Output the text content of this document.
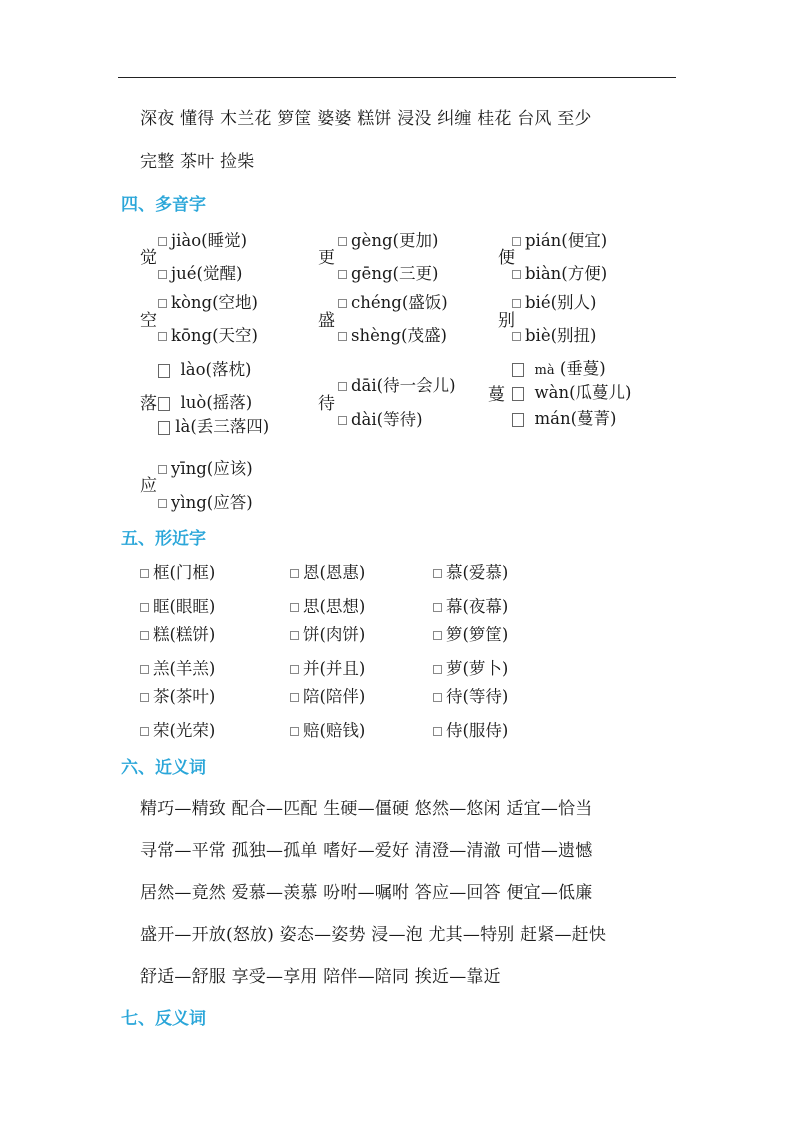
深夜 懂得 木兰花 箩筐 婆婆 糕饼 浸没 纠缠 桂花 台风 至少
完整 茶叶 捡柴
四、多音字
觉
jiào(睡觉)
jué(觉醒)
空
kòng(空地)
kōng(天空)
落
lào(落枕)
luò(摇落)
là(丢三落四)
应
yīng(应该)
yìng(应答)
更
gèng(更加)
gēng(三更)
盛
chéng(盛饭)
shèng(茂盛)
待
dāi(待一会儿)
dài(等待)
便
pián(便宜)
biàn(方便)
别
bié(别人)
biè(别扭)
蔓
mà (垂蔓)
wàn(瓜蔓儿)
mán(蔓菁)
五、形近字
框(门框)
眶(眼眶)
糕(糕饼)
羔(羊羔)
茶(茶叶)
荣(光荣)
恩(恩惠)
思(思想)
饼(肉饼)
并(并且)
陪(陪伴)
赔(赔钱)
慕(爱慕)
幕(夜幕)
箩(箩筐)
萝(萝卜)
待(等待)
侍(服侍)
六、近义词
精巧—精致 配合—匹配 生硬—僵硬 悠然—悠闲 适宜—恰当
寻常—平常 孤独—孤单 嗜好—爱好 清澄—清澈 可惜—遗憾
居然—竟然 爱慕—羡慕 吩咐—嘱咐 答应—回答 便宜—低廉
盛开—开放(怒放) 姿态—姿势 浸—泡 尤其—特别 赶紧—赶快
舒适—舒服 享受—享用 陪伴—陪同 挨近—靠近
七、反义词
